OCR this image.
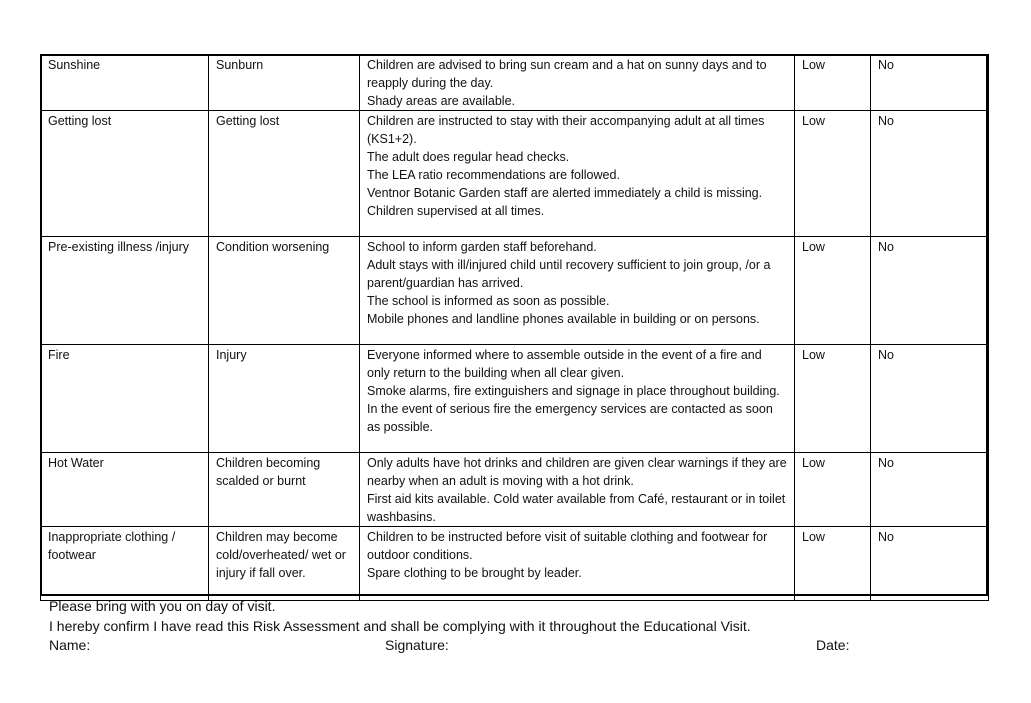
Sunshine	Sunburn	Children are advised to bring sun cream and a hat on sunny days and to reapply during the day.
Shady areas are available.	Low	No
Getting lost	Getting lost	Children are instructed to stay with their accompanying adult at all times (KS1+2).
The adult does regular head checks.
The LEA ratio recommendations are followed.
Ventnor Botanic Garden staff are alerted immediately a child is missing.
Children supervised at all times.	Low	No
Pre-existing illness /injury	Condition worsening	School to inform garden staff beforehand.
Adult stays with ill/injured child until recovery sufficient to join group, /or a parent/guardian has arrived.
The school is informed as soon as possible.
Mobile phones and landline phones available in building or on persons.	Low	No
Fire	Injury	Everyone informed where to assemble outside in the event of a fire and only return to the building when all clear given.
Smoke alarms, fire extinguishers and signage in place throughout building.
In the event of serious fire the emergency services are contacted as soon as possible.	Low	No
Hot Water	Children becoming scalded or burnt	Only adults have hot drinks and children are given clear warnings if they are nearby when an adult is moving with a hot drink.
First aid kits available. Cold water available from Café, restaurant or in toilet washbasins.	Low	No
Inappropriate clothing / footwear	Children may become cold/overheated/ wet or injury if fall over.	Children to be instructed before visit of suitable clothing and footwear for outdoor conditions.
Spare clothing to be brought by leader.	Low	No
Please bring with you on day of visit.
I hereby confirm I have read this Risk Assessment and shall be complying with it throughout the Educational Visit.
Name:	Signature:	Date:
